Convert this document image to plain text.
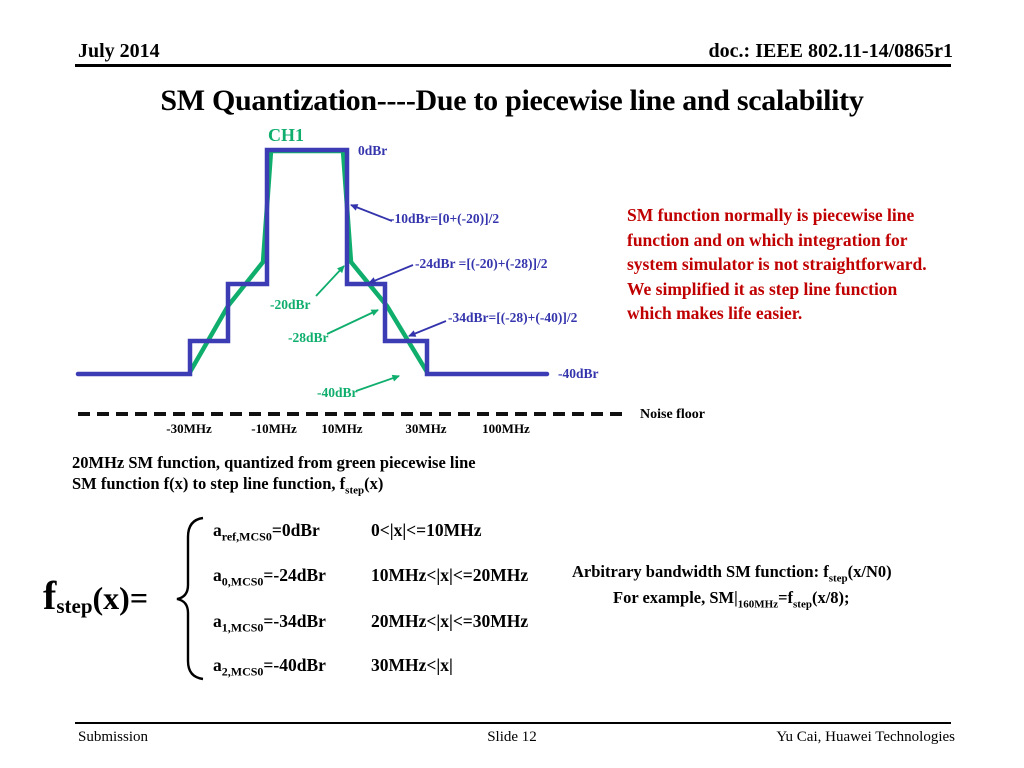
July 2014	doc.: IEEE 802.11-14/0865r1
SM Quantization----Due to piecewise line and scalability
CH1
0dBr
-10dBr=[0+(-20)]/2
-24dBr =[(-20)+(-28)]/2
-34dBr=[(-28)+(-40)]/2
-20dBr
-28dBr
-40dBr
-40dBr
Noise floor
-30MHz	-10MHz 10MHz	30MHz	100MHz
SM function normally is piecewise line
function and on which integration for
system simulator is not straightforward.
We simplified it as step line function
which makes life easier.
20MHz SM function, quantized from green piecewise line
SM function f(x) to step line function, $f_{step}(x)$
$f_{step}(x)=$
$a_{ref,MCS0}=0dBr$	0<|x|<=10MHz
$a_{0,MCS0}=-24dBr$	10MHz<|x|<=20MHz
$a_{1,MCS0}=-34dBr$	20MHz<|x|<=30MHz
$a_{2,MCS0}=-40dBr$	30MHz<|x|
Arbitrary bandwidth SM function: $f_{step}(x/N0)$
For example, $SM|_{160MHz}=f_{step}(x/8)$;
Submission	Slide 12	Yu Cai, Huawei Technologies
